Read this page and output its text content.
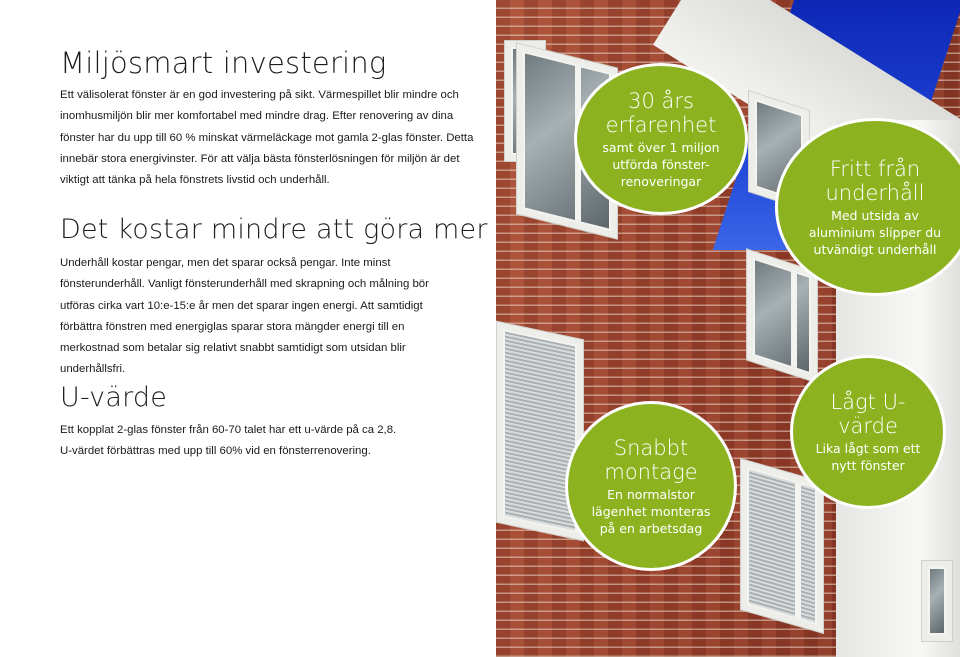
Miljösmart investering

Ett välisolerat fönster är en god investering på sikt. Värmespillet blir mindre och inomhusmiljön blir mer komfortabel med mindre drag. Efter renovering av dina fönster har du upp till 60 % minskat värmeläckage mot gamla 2-glas fönster. Detta innebär stora energivinster. För att välja bästa fönsterlösningen för miljön är det viktigt att tänka på hela fönstrets livstid och underhåll.

Det kostar mindre att göra mer

Underhåll kostar pengar, men det sparar också pengar. Inte minst fönsterunderhåll. Vanligt fönsterunderhåll med skrapning och målning bör utföras cirka vart 10:e-15:e år men det sparar ingen energi. Att samtidigt förbättra fönstren med energiglas sparar stora mängder energi till en merkostnad som betalar sig relativt snabbt samtidigt som utsidan blir underhållsfri.

U-värde

Ett kopplat 2-glas fönster från 60-70 talet har ett u-värde på ca 2,8.
U-värdet förbättras med upp till 60% vid en fönsterrenovering.

30 års erfarenhet
samt över 1 miljon utförda fönster-renoveringar
Fritt från underhåll
Med utsida av aluminium slipper du utvändigt underhåll
Snabbt montage
En normalstor lägenhet monteras på en arbetsdag
Lågt U-värde
Lika lågt som ett nytt fönster
